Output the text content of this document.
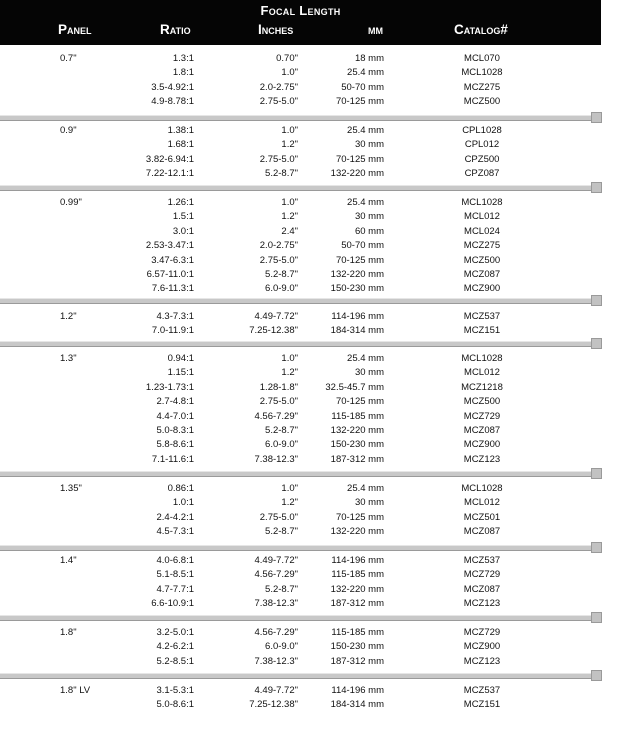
Focal Length
Panel	Ratio	Inches	mm	Catalog#
0.7"	1.3:1	0.70"	18 mm	MCL070
1.8:1	1.0"	25.4 mm	MCL1028
3.5-4.92:1	2.0-2.75"	50-70 mm	MCZ275
4.9-8.78:1	2.75-5.0"	70-125 mm	MCZ500
0.9"	1.38:1	1.0"	25.4 mm	CPL1028
1.68:1	1.2"	30 mm	CPL012
3.82-6.94:1	2.75-5.0"	70-125 mm	CPZ500
7.22-12.1:1	5.2-8.7"	132-220 mm	CPZ087
0.99"	1.26:1	1.0"	25.4 mm	MCL1028
1.5:1	1.2"	30 mm	MCL012
3.0:1	2.4"	60 mm	MCL024
2.53-3.47:1	2.0-2.75"	50-70 mm	MCZ275
3.47-6.3:1	2.75-5.0"	70-125 mm	MCZ500
6.57-11.0:1	5.2-8.7"	132-220 mm	MCZ087
7.6-11.3:1	6.0-9.0"	150-230 mm	MCZ900
1.2"	4.3-7.3:1	4.49-7.72"	114-196 mm	MCZ537
7.0-11.9:1	7.25-12.38"	184-314 mm	MCZ151
1.3"	0.94:1	1.0"	25.4 mm	MCL1028
1.15:1	1.2"	30 mm	MCL012
1.23-1.73:1	1.28-1.8"	32.5-45.7 mm	MCZ1218
2.7-4.8:1	2.75-5.0"	70-125 mm	MCZ500
4.4-7.0:1	4.56-7.29"	115-185 mm	MCZ729
5.0-8.3:1	5.2-8.7"	132-220 mm	MCZ087
5.8-8.6:1	6.0-9.0"	150-230 mm	MCZ900
7.1-11.6:1	7.38-12.3"	187-312 mm	MCZ123
1.35"	0.86:1	1.0"	25.4 mm	MCL1028
1.0:1	1.2"	30 mm	MCL012
2.4-4.2:1	2.75-5.0"	70-125 mm	MCZ501
4.5-7.3:1	5.2-8.7"	132-220 mm	MCZ087
1.4"	4.0-6.8:1	4.49-7.72"	114-196 mm	MCZ537
5.1-8.5:1	4.56-7.29"	115-185 mm	MCZ729
4.7-7.7:1	5.2-8.7"	132-220 mm	MCZ087
6.6-10.9:1	7.38-12.3"	187-312 mm	MCZ123
1.8"	3.2-5.0:1	4.56-7.29"	115-185 mm	MCZ729
4.2-6.2:1	6.0-9.0"	150-230 mm	MCZ900
5.2-8.5:1	7.38-12.3"	187-312 mm	MCZ123
1.8" LV	3.1-5.3:1	4.49-7.72"	114-196 mm	MCZ537
5.0-8.6:1	7.25-12.38"	184-314 mm	MCZ151
